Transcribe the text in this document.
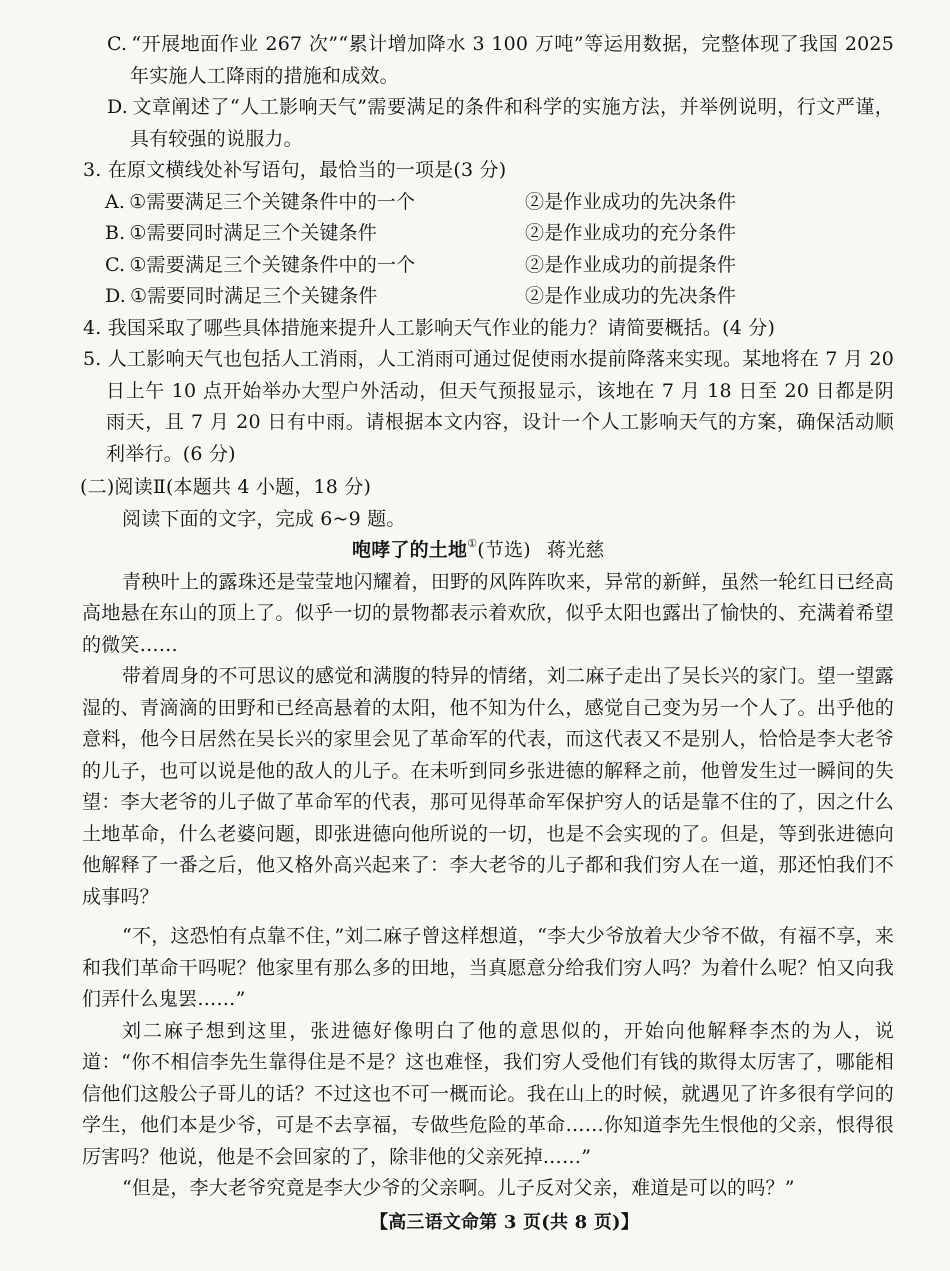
C. “开展地面作业 267 次”“累计增加降水 3 100 万吨”等运用数据，完整体现了我国 2025 年实施人工降雨的措施和成效。
D. 文章阐述了“人工影响天气”需要满足的条件和科学的实施方法，并举例说明，行文严谨，具有较强的说服力。
3. 在原文横线处补写语句，最恰当的一项是(3 分)
A. ①需要满足三个关键条件中的一个	②是作业成功的先决条件
B. ①需要同时满足三个关键条件	②是作业成功的充分条件
C. ①需要满足三个关键条件中的一个	②是作业成功的前提条件
D. ①需要同时满足三个关键条件	②是作业成功的先决条件
4. 我国采取了哪些具体措施来提升人工影响天气作业的能力？请简要概括。(4 分)
5. 人工影响天气也包括人工消雨，人工消雨可通过促使雨水提前降落来实现。某地将在 7 月 20 日上午 10 点开始举办大型户外活动，但天气预报显示，该地在 7 月 18 日至 20 日都是阴雨天，且 7 月 20 日有中雨。请根据本文内容，设计一个人工影响天气的方案，确保活动顺利举行。(6 分)
(二)阅读Ⅱ(本题共 4 小题，18 分)
阅读下面的文字，完成 6~9 题。
咆哮了的土地①(节选) 蒋光慈

青秧叶上的露珠还是莹莹地闪耀着，田野的风阵阵吹来，异常的新鲜，虽然一轮红日已经高高地悬在东山的顶上了。似乎一切的景物都表示着欢欣，似乎太阳也露出了愉快的、充满着希望的微笑……

带着周身的不可思议的感觉和满腹的特异的情绪，刘二麻子走出了吴长兴的家门。望一望露湿的、青滴滴的田野和已经高悬着的太阳，他不知为什么，感觉自己变为另一个人了。出乎他的意料，他今日居然在吴长兴的家里会见了革命军的代表，而这代表又不是别人，恰恰是李大老爷的儿子，也可以说是他的敌人的儿子。在未听到同乡张进德的解释之前，他曾发生过一瞬间的失望：李大老爷的儿子做了革命军的代表，那可见得革命军保护穷人的话是靠不住的了，因之什么土地革命，什么老婆问题，即张进德向他所说的一切，也是不会实现的了。但是，等到张进德向他解释了一番之后，他又格外高兴起来了：李大老爷的儿子都和我们穷人在一道，那还怕我们不成事吗？

“不，这恐怕有点靠不住，”刘二麻子曾这样想道，“李大少爷放着大少爷不做，有福不享，来和我们革命干吗呢？他家里有那么多的田地，当真愿意分给我们穷人吗？为着什么呢？怕又向我们弄什么鬼罢……”

刘二麻子想到这里，张进德好像明白了他的意思似的，开始向他解释李杰的为人，说道：“你不相信李先生靠得住是不是？这也难怪，我们穷人受他们有钱的欺得太厉害了，哪能相信他们这般公子哥儿的话？不过这也不可一概而论。我在山上的时候，就遇见了许多很有学问的学生，他们本是少爷，可是不去享福，专做些危险的革命……你知道李先生恨他的父亲，恨得很厉害吗？他说，他是不会回家的了，除非他的父亲死掉……”

“但是，李大老爷究竟是李大少爷的父亲啊。儿子反对父亲，难道是可以的吗？”

【高三语文命第 3 页(共 8 页)】
